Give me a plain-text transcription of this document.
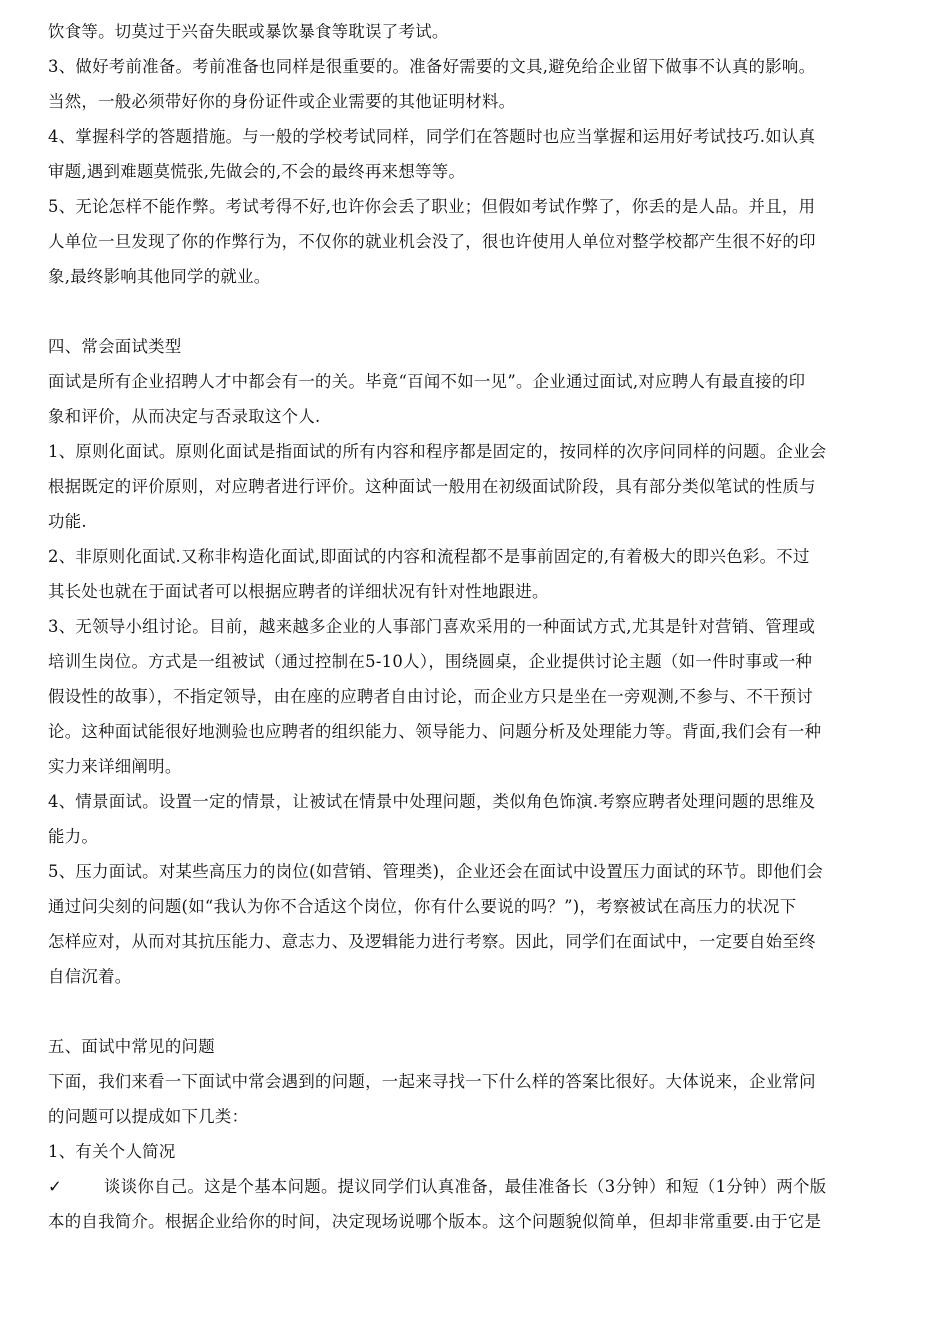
饮食等。切莫过于兴奋失眠或暴饮暴食等耽误了考试。

3、做好考前准备。考前准备也同样是很重要的。准备好需要的文具,避免给企业留下做事不认真的影响。

当然，一般必须带好你的身份证件或企业需要的其他证明材料。

4、掌握科学的答题措施。与一般的学校考试同样，同学们在答题时也应当掌握和运用好考试技巧.如认真

审题,遇到难题莫慌张,先做会的,不会的最终再来想等等。

5、无论怎样不能作弊。考试考得不好,也许你会丢了职业；但假如考试作弊了，你丢的是人品。并且，用

人单位一旦发现了你的作弊行为，不仅你的就业机会没了，很也许使用人单位对整学校都产生很不好的印

象,最终影响其他同学的就业。

四、常会面试类型

面试是所有企业招聘人才中都会有一的关。毕竟“百闻不如一见”。企业通过面试,对应聘人有最直接的印

象和评价，从而决定与否录取这个人.

1、原则化面试。原则化面试是指面试的所有内容和程序都是固定的，按同样的次序问同样的问题。企业会

根据既定的评价原则，对应聘者进行评价。这种面试一般用在初级面试阶段，具有部分类似笔试的性质与

功能.

2、非原则化面试.又称非构造化面试,即面试的内容和流程都不是事前固定的,有着极大的即兴色彩。不过

其长处也就在于面试者可以根据应聘者的详细状况有针对性地跟进。

3、无领导小组讨论。目前，越来越多企业的人事部门喜欢采用的一种面试方式,尤其是针对营销、管理或

培训生岗位。方式是一组被试（通过控制在5-10人），围绕圆桌，企业提供讨论主题（如一件时事或一种

假设性的故事），不指定领导，由在座的应聘者自由讨论，而企业方只是坐在一旁观测,不参与、不干预讨

论。这种面试能很好地测验也应聘者的组织能力、领导能力、问题分析及处理能力等。背面,我们会有一种

实力来详细阐明。

4、情景面试。设置一定的情景，让被试在情景中处理问题，类似角色饰演.考察应聘者处理问题的思维及

能力。

5、压力面试。对某些高压力的岗位(如营销、管理类)，企业还会在面试中设置压力面试的环节。即他们会

通过问尖刻的问题(如“我认为你不合适这个岗位，你有什么要说的吗？”)，考察被试在高压力的状况下

怎样应对，从而对其抗压能力、意志力、及逻辑能力进行考察。因此，同学们在面试中，一定要自始至终

自信沉着。

五、面试中常见的问题

下面，我们来看一下面试中常会遇到的问题，一起来寻找一下什么样的答案比很好。大体说来，企业常问

的问题可以提成如下几类：

1、有关个人简况

✓	谈谈你自己。这是个基本问题。提议同学们认真准备，最佳准备长（3分钟）和短（1分钟）两个版

本的自我简介。根据企业给你的时间，决定现场说哪个版本。这个问题貌似简单，但却非常重要.由于它是
